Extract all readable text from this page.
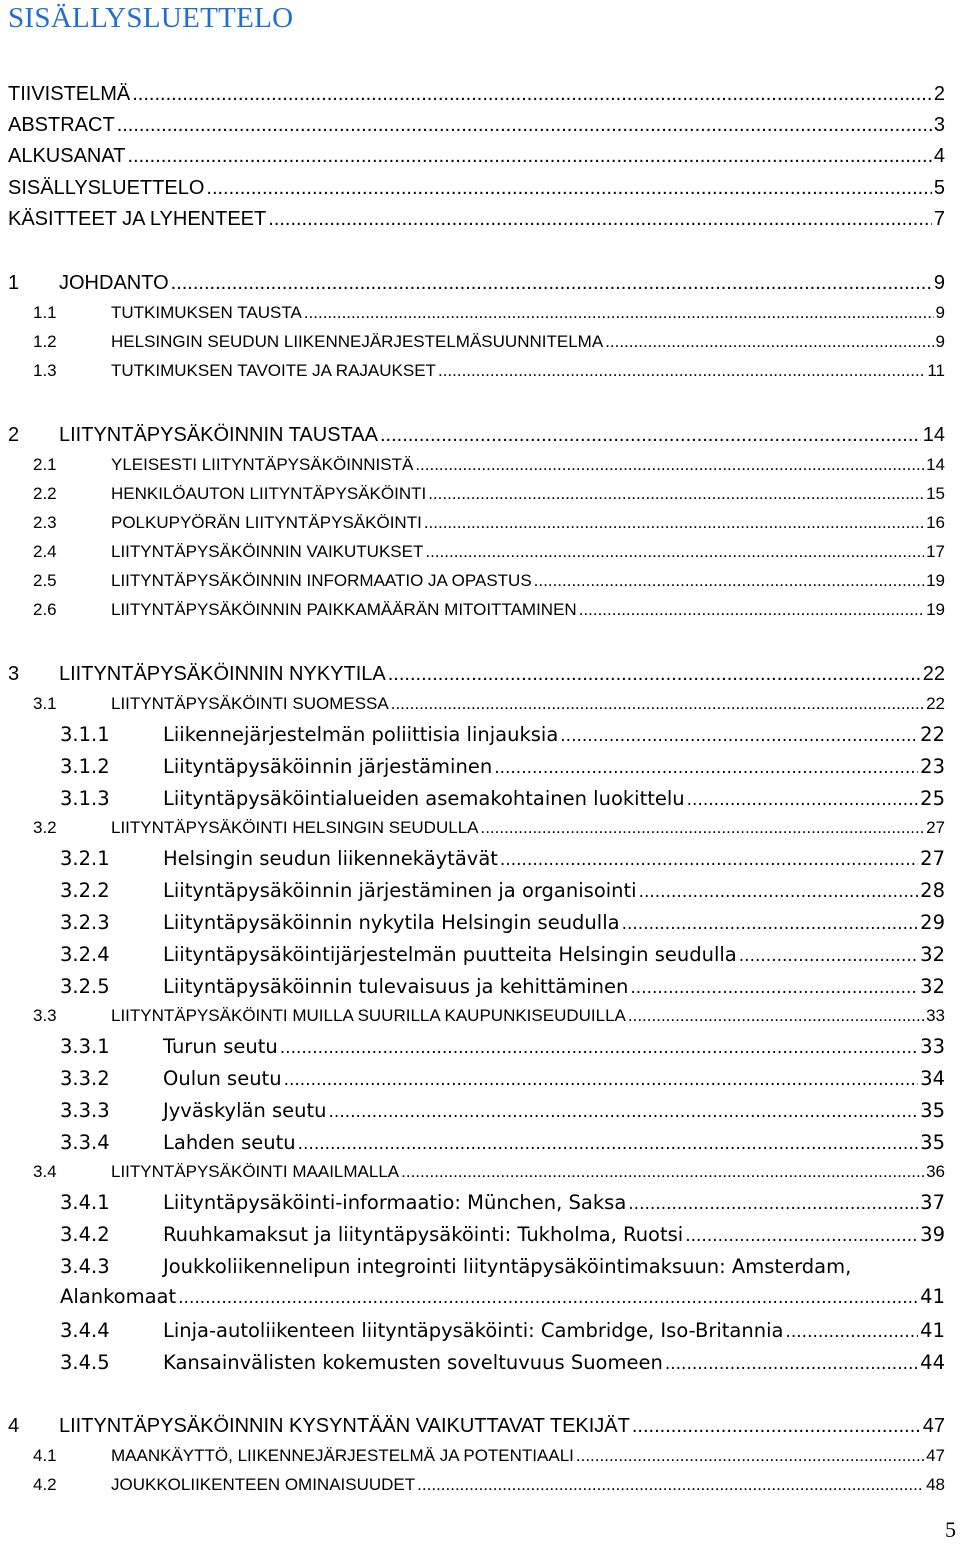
SISÄLLYSLUETTELO
TIIVISTELMÄ .....	2
ABSTRACT .....	3
ALKUSANAT .....	4
SISÄLLYSLUETTELO .....	5
KÄSITTEET JA LYHENTEET .....	7
1	JOHDANTO .....	9
1.1	TUTKIMUKSEN TAUSTA .....	9
1.2	HELSINGIN SEUDUN LIIKENNEJÄRJESTELMÄSUUNNITELMA .....	9
1.3	TUTKIMUKSEN TAVOITE JA RAJAUKSET .....	11
2	LIITYNTÄPYSÄKÖINNIN TAUSTAA .....	14
2.1	YLEISESTI LIITYNTÄPYSÄKÖINNISTÄ .....	14
2.2	HENKILÖAUTON LIITYNTÄPYSÄKÖINTI .....	15
2.3	POLKUPYÖRÄN LIITYNTÄPYSÄKÖINTI .....	16
2.4	LIITYNTÄPYSÄKÖINNIN VAIKUTUKSET .....	17
2.5	LIITYNTÄPYSÄKÖINNIN INFORMAATIO JA OPASTUS .....	19
2.6	LIITYNTÄPYSÄKÖINNIN PAIKKAMÄÄRÄN MITOITTAMINEN .....	19
3	LIITYNTÄPYSÄKÖINNIN NYKYTILA .....	22
3.1	LIITYNTÄPYSÄKÖINTI SUOMESSA .....	22
3.1.1	Liikennejärjestelmän poliittisia linjauksia .....	22
3.1.2	Liityntäpysäköinnin järjestäminen .....	23
3.1.3	Liityntäpysäköintialueiden asemakohtainen luokittelu .....	25
3.2	LIITYNTÄPYSÄKÖINTI HELSINGIN SEUDULLA .....	27
3.2.1	Helsingin seudun liikennekäytävät .....	27
3.2.2	Liityntäpysäköinnin järjestäminen ja organisointi .....	28
3.2.3	Liityntäpysäköinnin nykytila Helsingin seudulla .....	29
3.2.4	Liityntäpysäköintijärjestelmän puutteita Helsingin seudulla .....	32
3.2.5	Liityntäpysäköinnin tulevaisuus ja kehittäminen .....	32
3.3	LIITYNTÄPYSÄKÖINTI MUILLA SUURILLA KAUPUNKISEUDUILLA .....	33
3.3.1	Turun seutu .....	33
3.3.2	Oulun seutu .....	34
3.3.3	Jyväskylän seutu .....	35
3.3.4	Lahden seutu .....	35
3.4	LIITYNTÄPYSÄKÖINTI MAAILMALLA .....	36
3.4.1	Liityntäpysäköinti-informaatio: München, Saksa .....	37
3.4.2	Ruuhkamaksut ja liityntäpysäköinti: Tukholma, Ruotsi .....	39
3.4.3	Joukkoliikennelipun integrointi liityntäpysäköintimaksuun: Amsterdam,
Alankomaat .....	41
3.4.4	Linja-autoliikenteen liityntäpysäköinti: Cambridge, Iso-Britannia .....	41
3.4.5	Kansainvälisten kokemusten soveltuvuus Suomeen .....	44
4	LIITYNTÄPYSÄKÖINNIN KYSYNTÄÄN VAIKUTTAVAT TEKIJÄT .....	47
4.1	MAANKÄYTTÖ, LIIKENNEJÄRJESTELMÄ JA POTENTIAALI .....	47
4.2	JOUKKOLIIKENTEEN OMINAISUUDET .....	48
5
